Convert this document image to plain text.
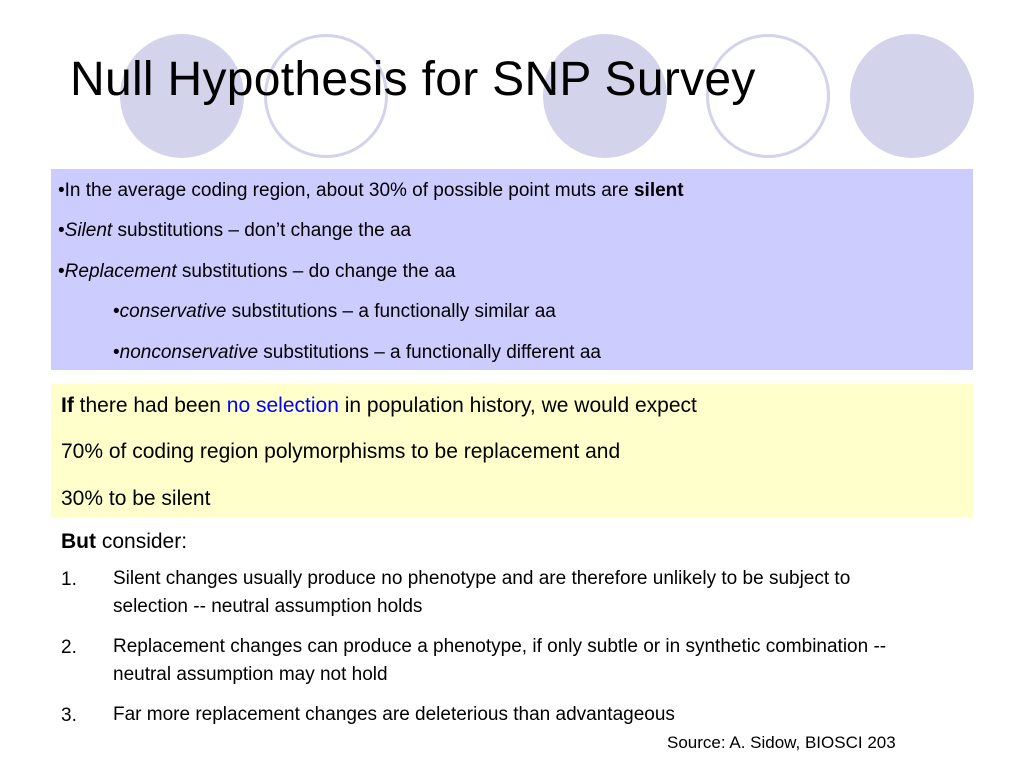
Null Hypothesis for SNP Survey
•In the average coding region, about 30% of possible point muts are silent
•Silent substitutions – don’t change the aa
•Replacement substitutions – do change the aa
•conservative substitutions – a functionally similar aa
•nonconservative substitutions – a functionally different aa
If there had been no selection in population history, we would expect
70% of coding region polymorphisms to be replacement and
30% to be silent
But consider:
1. Silent changes usually produce no phenotype and are therefore unlikely to be subject to selection -- neutral assumption holds
2. Replacement changes can produce a phenotype, if only subtle or in synthetic combination -- neutral assumption may not hold
3. Far more replacement changes are deleterious than advantageous
Source: A. Sidow, BIOSCI 203
